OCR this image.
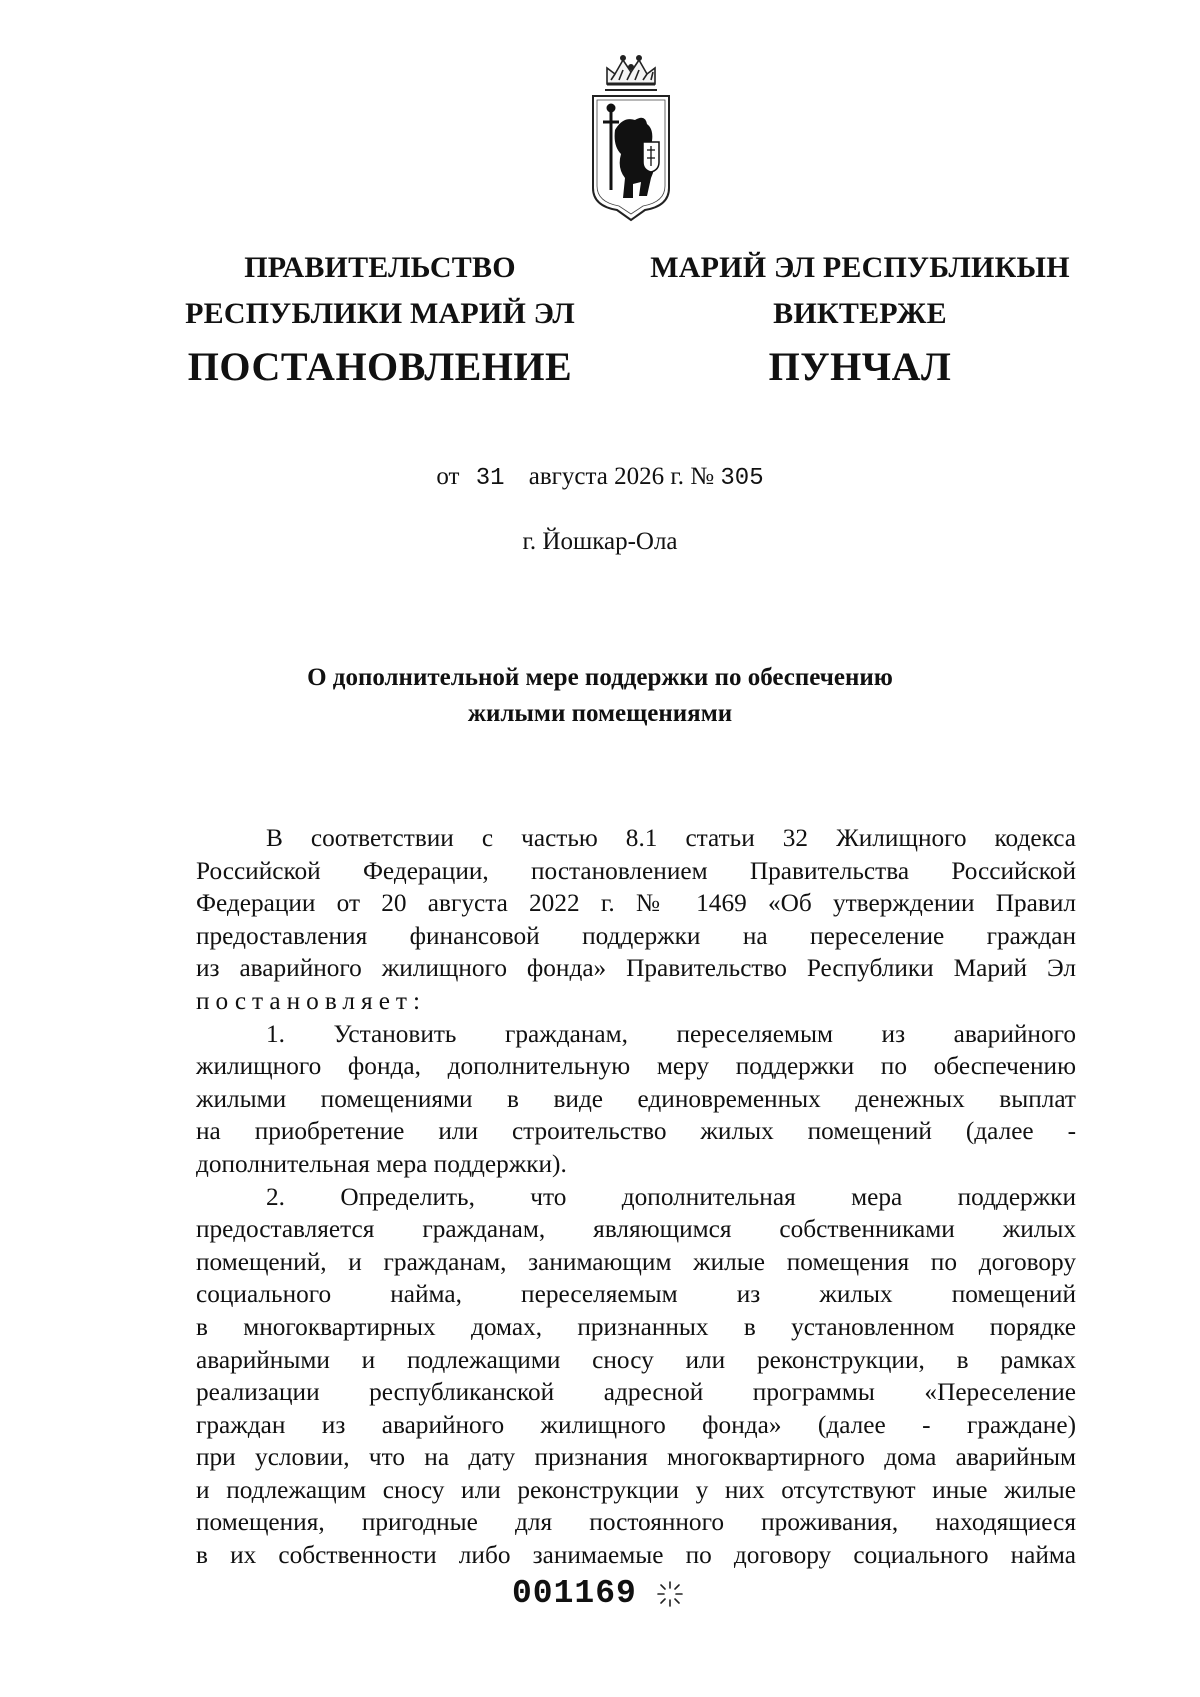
ПРАВИТЕЛЬСТВО
РЕСПУБЛИКИ МАРИЙ ЭЛ
ПОСТАНОВЛЕНИЕ
МАРИЙ ЭЛ РЕСПУБЛИКЫН
ВИКТЕРЖЕ
ПУНЧАЛ
от 31 августа 2026 г. № 305
г. Йошкар-Ола
О дополнительной мере поддержки по обеспечению
жилыми помещениями
В соответствии с частью 8.1 статьи 32 Жилищного кодекса
Российской Федерации, постановлением Правительства Российской
Федерации от 20 августа 2022 г. № 1469 «Об утверждении Правил
предоставления финансовой поддержки на переселение граждан
из аварийного жилищного фонда» Правительство Республики Марий Эл
постановляет:
1. Установить гражданам, переселяемым из аварийного
жилищного фонда, дополнительную меру поддержки по обеспечению
жилыми помещениями в виде единовременных денежных выплат
на приобретение или строительство жилых помещений (далее -
дополнительная мера поддержки).
2. Определить, что дополнительная мера поддержки
предоставляется гражданам, являющимся собственниками жилых
помещений, и гражданам, занимающим жилые помещения по договору
социального найма, переселяемым из жилых помещений
в многоквартирных домах, признанных в установленном порядке
аварийными и подлежащими сносу или реконструкции, в рамках
реализации республиканской адресной программы «Переселение
граждан из аварийного жилищного фонда» (далее - граждане)
при условии, что на дату признания многоквартирного дома аварийным
и подлежащим сносу или реконструкции у них отсутствуют иные жилые
помещения, пригодные для постоянного проживания, находящиеся
в их собственности либо занимаемые по договору социального найма
001169
